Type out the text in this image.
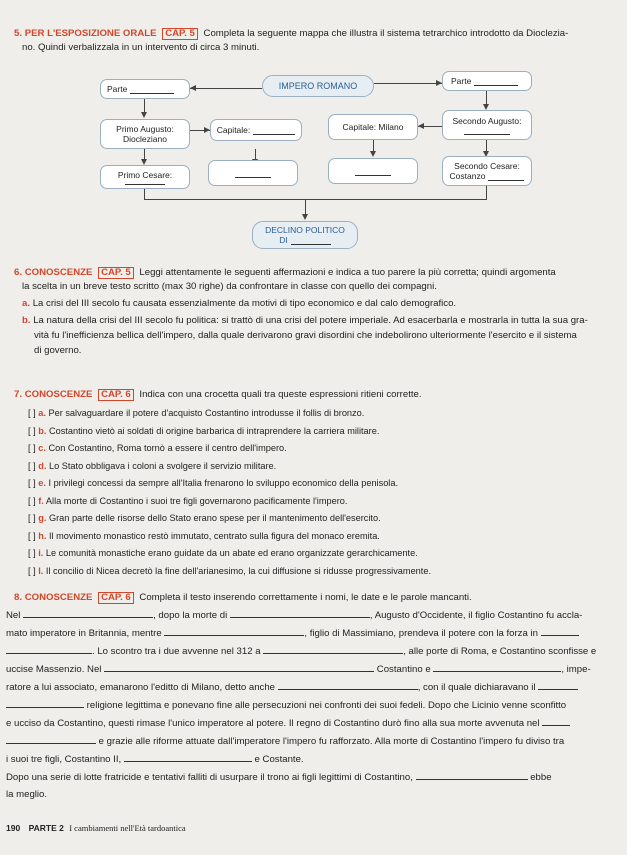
5. PER L'ESPOSIZIONE ORALE CAP. 5 Completa la seguente mappa che illustra il sistema tetrarchico introdotto da Dioclezia-
no. Quindi verbalizzala in un intervento di circa 3 minuti.
Parte	IMPERO ROMANO	Parte
Primo Augusto:
Diocleziano
Capitale:	Capitale: Milano
Secondo Augusto:
Primo Cesare:
Secondo Cesare:
Costanzo
DECLINO POLITICO
DI
6. CONOSCENZE CAP. 5 Leggi attentamente le seguenti affermazioni e indica a tuo parere la più corretta; quindi argomenta
la scelta in un breve testo scritto (max 30 righe) da confrontare in classe con quello dei compagni.
a. La crisi del III secolo fu causata essenzialmente da motivi di tipo economico e dal calo demografico.
b. La natura della crisi del III secolo fu politica: si trattò di una crisi del potere imperiale. Ad esacerbarla e mostrarla in tutta la sua gra-
vità fu l'inefficienza bellica dell'impero, dalla quale derivarono gravi disordini che indebolirono ulteriormente l'esercito e il sistema
di governo.
7. CONOSCENZE CAP. 6 Indica con una crocetta quali tra queste espressioni ritieni corrette.
[ ] a. Per salvaguardare il potere d'acquisto Costantino introdusse il follis di bronzo.
[ ] b. Costantino vietò ai soldati di origine barbarica di intraprendere la carriera militare.
[ ] c. Con Costantino, Roma tornò a essere il centro dell'impero.
[ ] d. Lo Stato obbligava i coloni a svolgere il servizio militare.
[ ] e. I privilegi concessi da sempre all'Italia frenarono lo sviluppo economico della penisola.
[ ] f. Alla morte di Costantino i suoi tre figli governarono pacificamente l'impero.
[ ] g. Gran parte delle risorse dello Stato erano spese per il mantenimento dell'esercito.
[ ] h. Il movimento monastico restò immutato, centrato sulla figura del monaco eremita.
[ ] i. Le comunità monastiche erano guidate da un abate ed erano organizzate gerarchicamente.
[ ] l. Il concilio di Nicea decretò la fine dell'arianesimo, la cui diffusione si ridusse progressivamente.
8. CONOSCENZE CAP. 6 Completa il testo inserendo correttamente i nomi, le date e le parole mancanti.
Nel	, dopo la morte di	, Augusto d'Occidente, il figlio Costantino fu accla-
mato imperatore in Britannia, mentre	, figlio di Massimiano, prendeva il potere con la forza in
. Lo scontro tra i due avvenne nel 312 a	, alle porte di Roma, e Costantino sconfisse e
uccise Massenzio. Nel	Costantino e	, impe-
ratore a lui associato, emanarono l'editto di Milano, detto anche	, con il quale dichiaravano il
religione legittima e ponevano fine alle persecuzioni nei confronti dei suoi fedeli. Dopo che Licinio venne sconfitto
e ucciso da Costantino, questi rimase l'unico imperatore al potere. Il regno di Costantino durò fino alla sua morte avvenuta nel
e grazie alle riforme attuate dall'imperatore l'impero fu rafforzato. Alla morte di Costantino l'impero fu diviso tra
i suoi tre figli, Costantino II,	e Costante.
Dopo una serie di lotte fratricide e tentativi falliti di usurpare il trono ai figli legittimi di Costantino,	ebbe
la meglio.
190 PARTE 2 I cambiamenti nell'Età tardoantica
